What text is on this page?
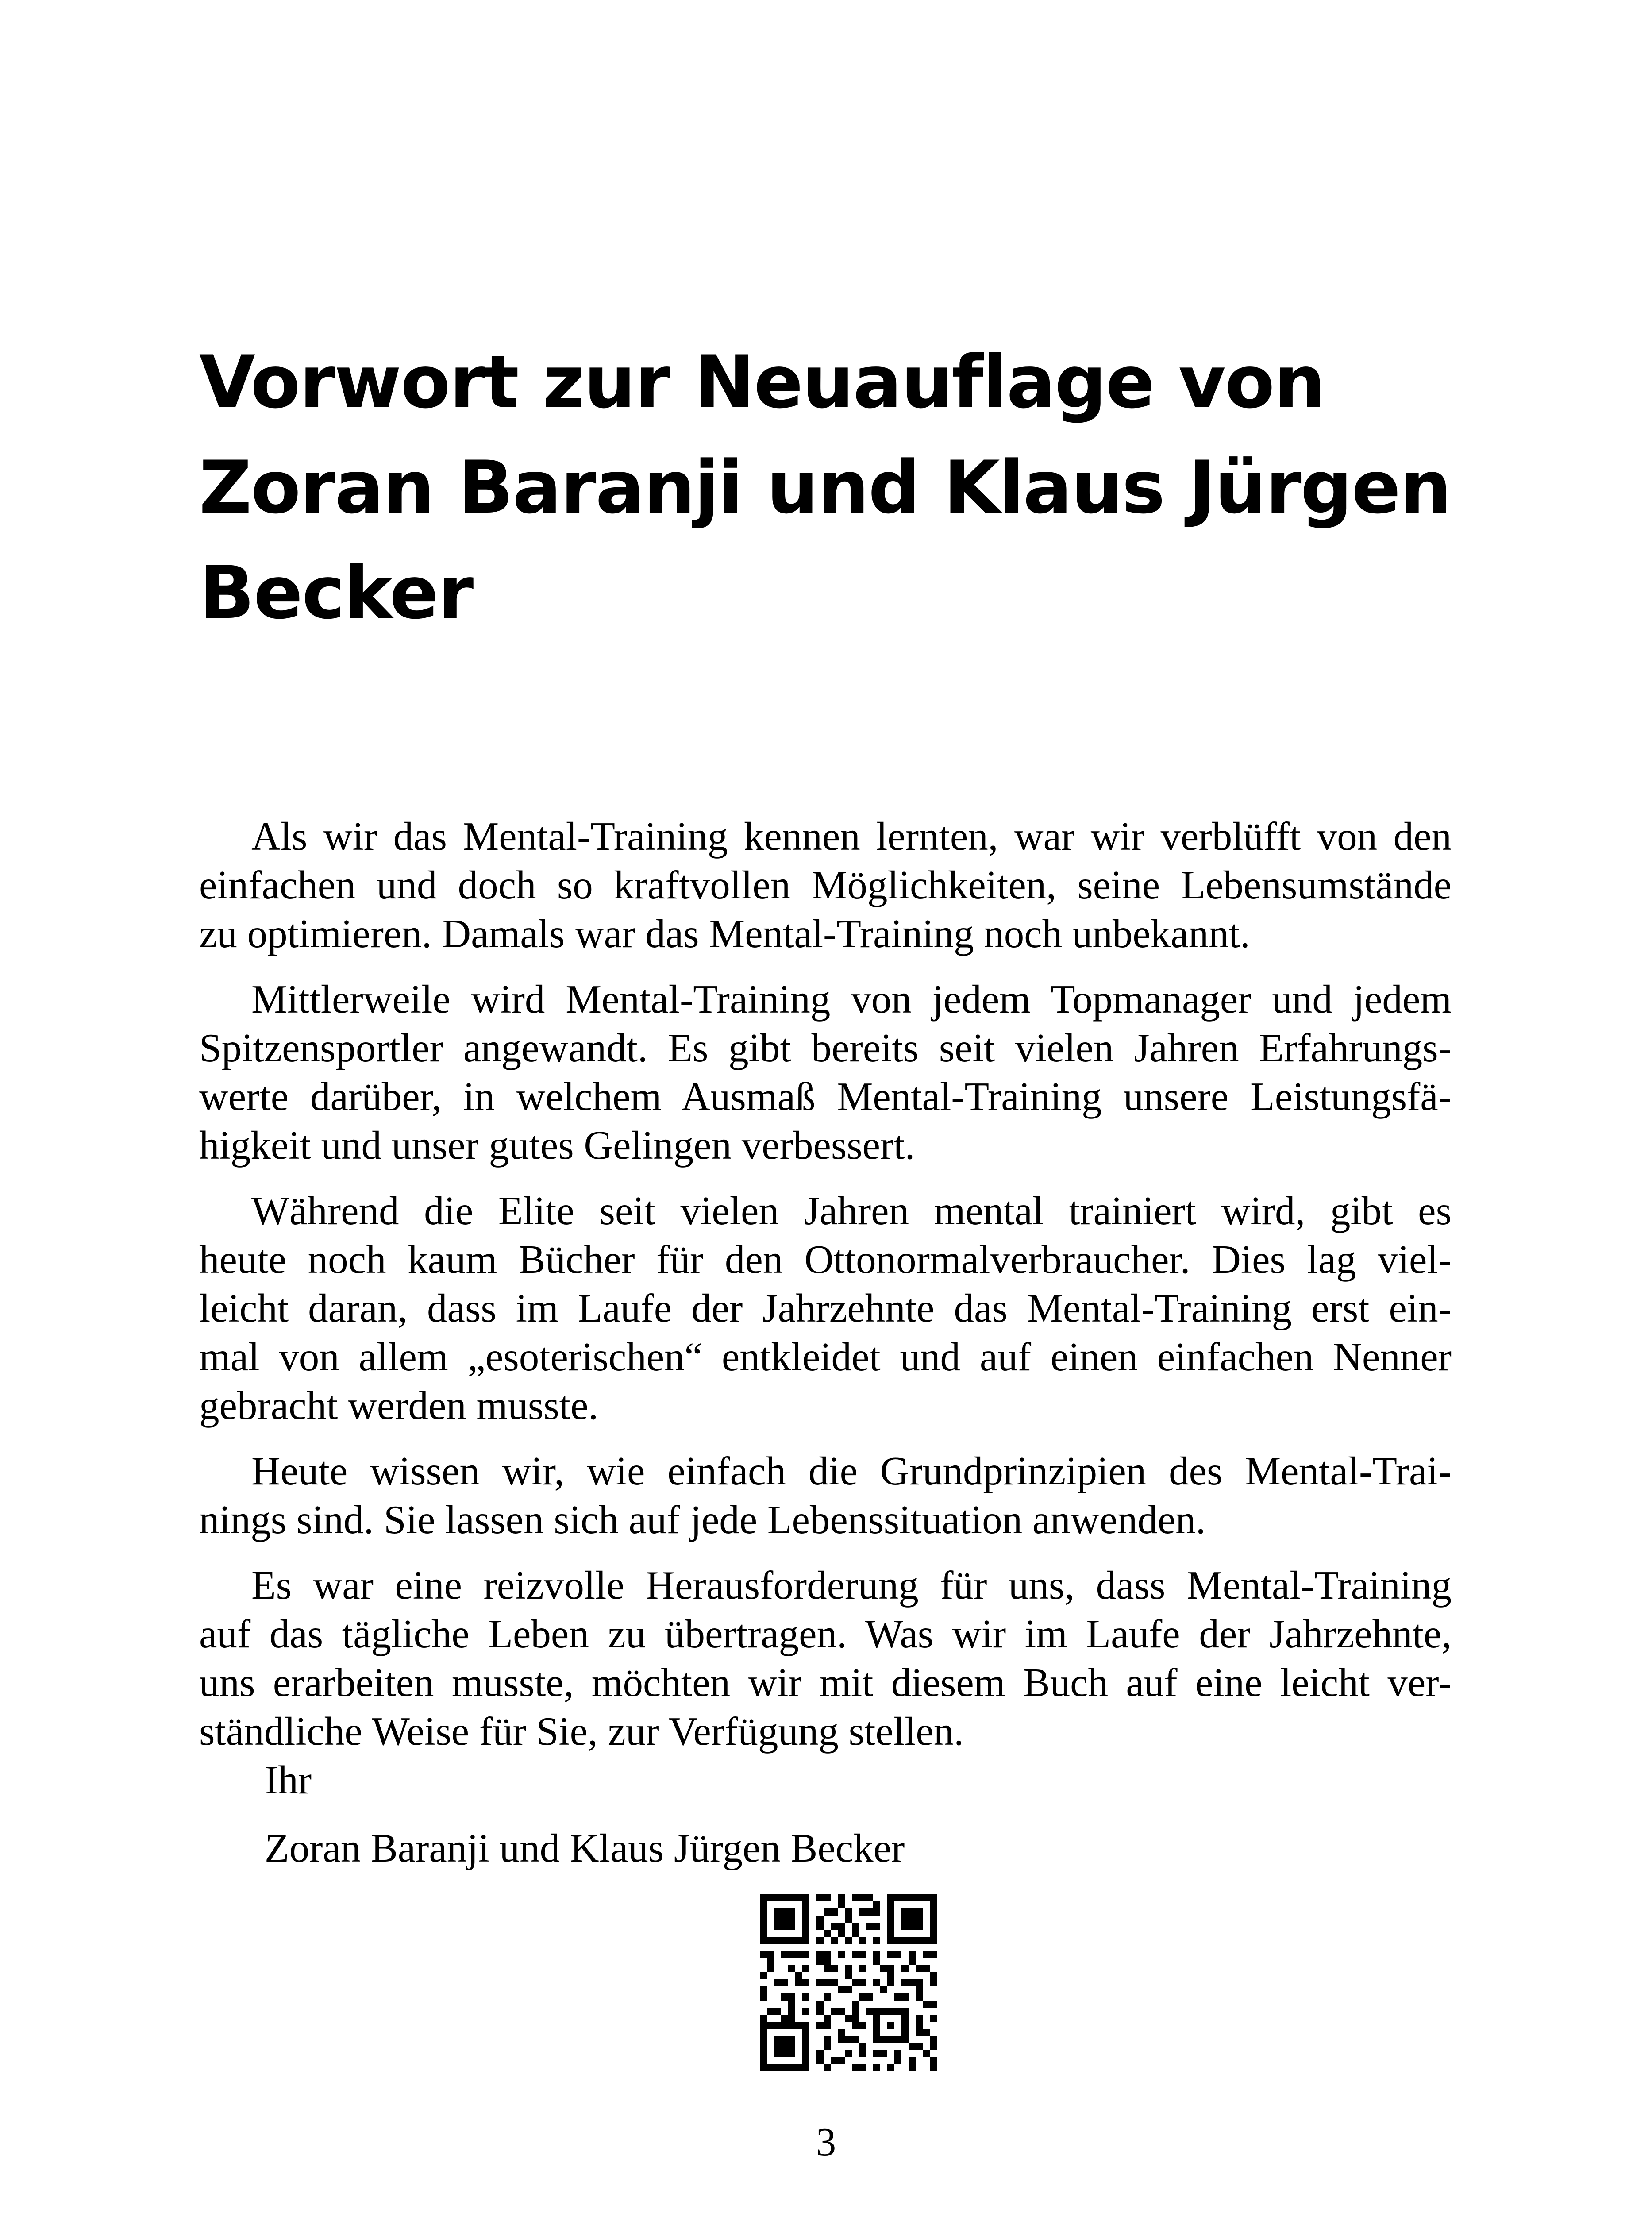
Vorwort zur Neuauflage von
Zoran Baranji und Klaus Jürgen
Becker

Als wir das Mental-Training kennen lernten, war wir verblüfft von den
einfachen und doch so kraftvollen Möglichkeiten, seine Lebensumstände
zu optimieren. Damals war das Mental-Training noch unbekannt.

Mittlerweile wird Mental-Training von jedem Topmanager und jedem
Spitzensportler angewandt. Es gibt bereits seit vielen Jahren Erfahrungs-
werte darüber, in welchem Ausmaß Mental-Training unsere Leistungsfä-
higkeit und unser gutes Gelingen verbessert.

Während die Elite seit vielen Jahren mental trainiert wird, gibt es
heute noch kaum Bücher für den Ottonormalverbraucher. Dies lag viel-
leicht daran, dass im Laufe der Jahrzehnte das Mental-Training erst ein-
mal von allem „esoterischen“ entkleidet und auf einen einfachen Nenner
gebracht werden musste.

Heute wissen wir, wie einfach die Grundprinzipien des Mental-Trai-
nings sind. Sie lassen sich auf jede Lebenssituation anwenden.

Es war eine reizvolle Herausforderung für uns, dass Mental-Training
auf das tägliche Leben zu übertragen. Was wir im Laufe der Jahrzehnte,
uns erarbeiten musste, möchten wir mit diesem Buch auf eine leicht ver-
ständliche Weise für Sie, zur Verfügung stellen.

Ihr
Zoran Baranji und Klaus Jürgen Becker
3
